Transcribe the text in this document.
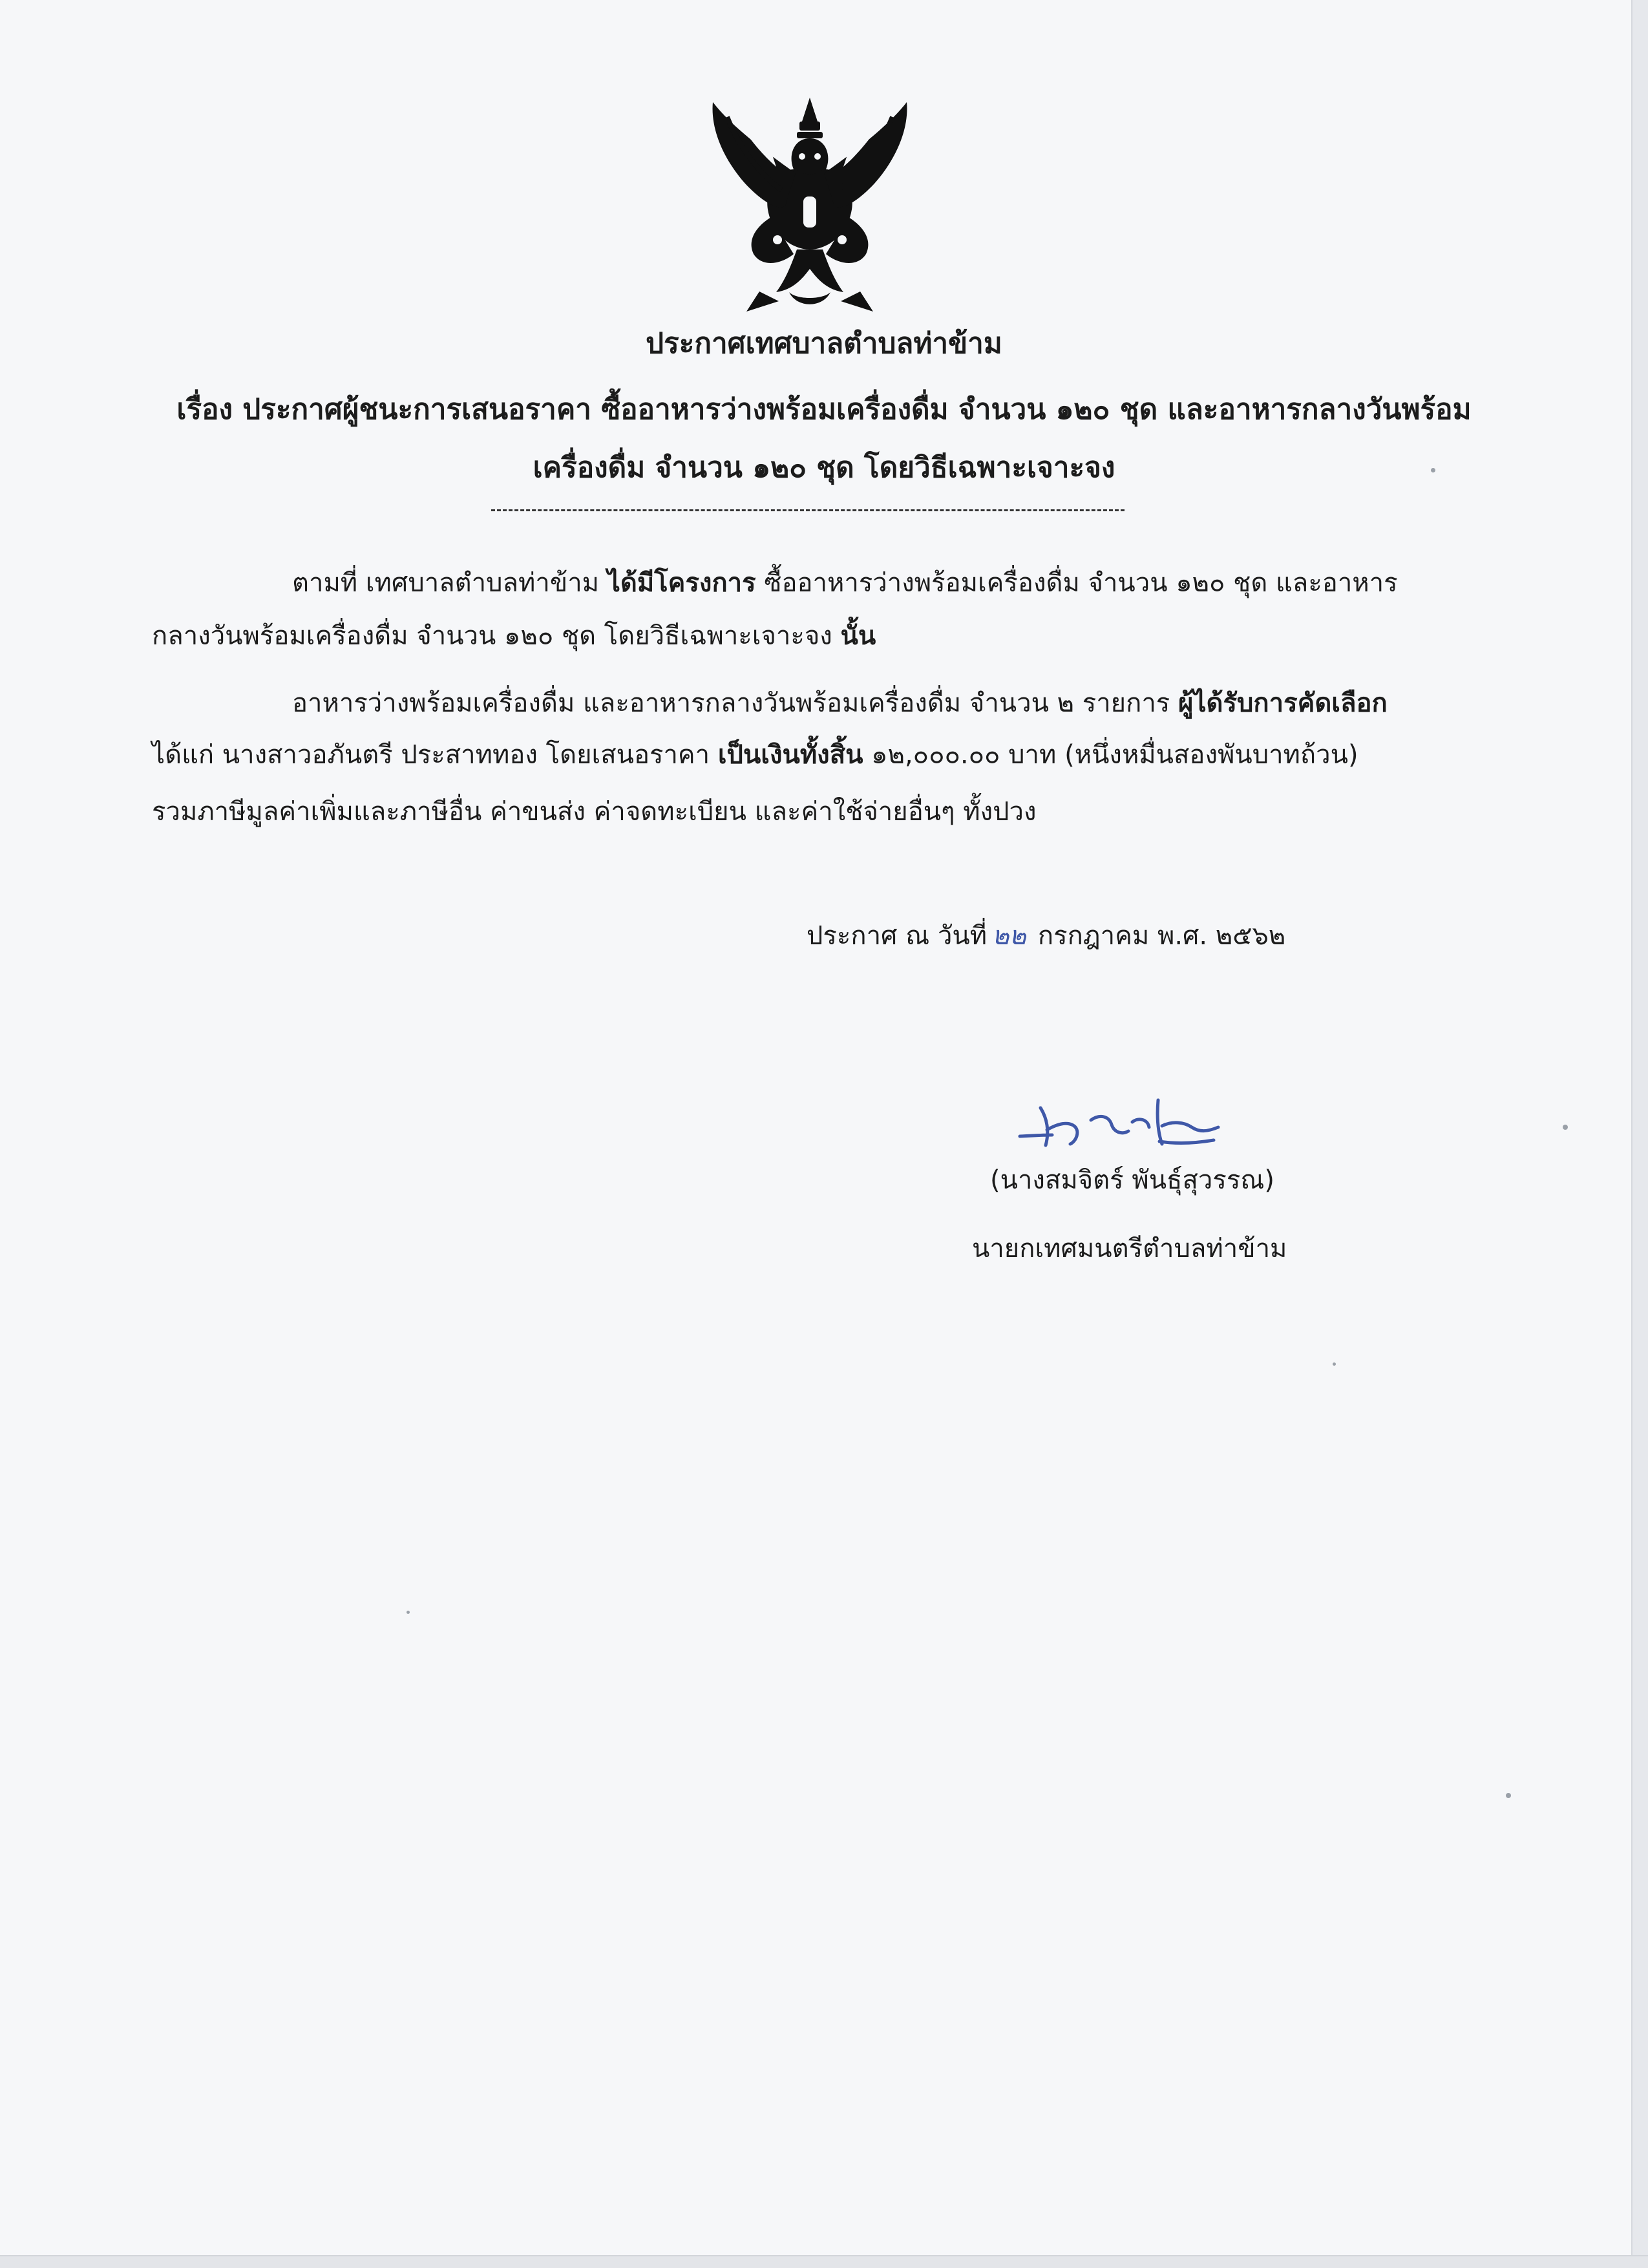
ประกาศเทศบาลตำบลท่าข้าม
เรื่อง ประกาศผู้ชนะการเสนอราคา ซื้ออาหารว่างพร้อมเครื่องดื่ม จำนวน ๑๒๐ ชุด และอาหารกลางวันพร้อม
เครื่องดื่ม จำนวน ๑๒๐ ชุด โดยวิธีเฉพาะเจาะจง
ตามที่ เทศบาลตำบลท่าข้าม ได้มีโครงการ ซื้ออาหารว่างพร้อมเครื่องดื่ม จำนวน ๑๒๐ ชุด และอาหาร
กลางวันพร้อมเครื่องดื่ม จำนวน ๑๒๐ ชุด โดยวิธีเฉพาะเจาะจง นั้น
อาหารว่างพร้อมเครื่องดื่ม และอาหารกลางวันพร้อมเครื่องดื่ม จำนวน ๒ รายการ ผู้ได้รับการคัดเลือก
ได้แก่ นางสาวอภันตรี ประสาททอง โดยเสนอราคา เป็นเงินทั้งสิ้น ๑๒,๐๐๐.๐๐ บาท (หนึ่งหมื่นสองพันบาทถ้วน)
รวมภาษีมูลค่าเพิ่มและภาษีอื่น ค่าขนส่ง ค่าจดทะเบียน และค่าใช้จ่ายอื่นๆ ทั้งปวง
ประกาศ ณ วันที่ ๒๒ กรกฎาคม พ.ศ. ๒๕๖๒
(นางสมจิตร์ พันธุ์สุวรรณ)
นายกเทศมนตรีตำบลท่าข้าม
